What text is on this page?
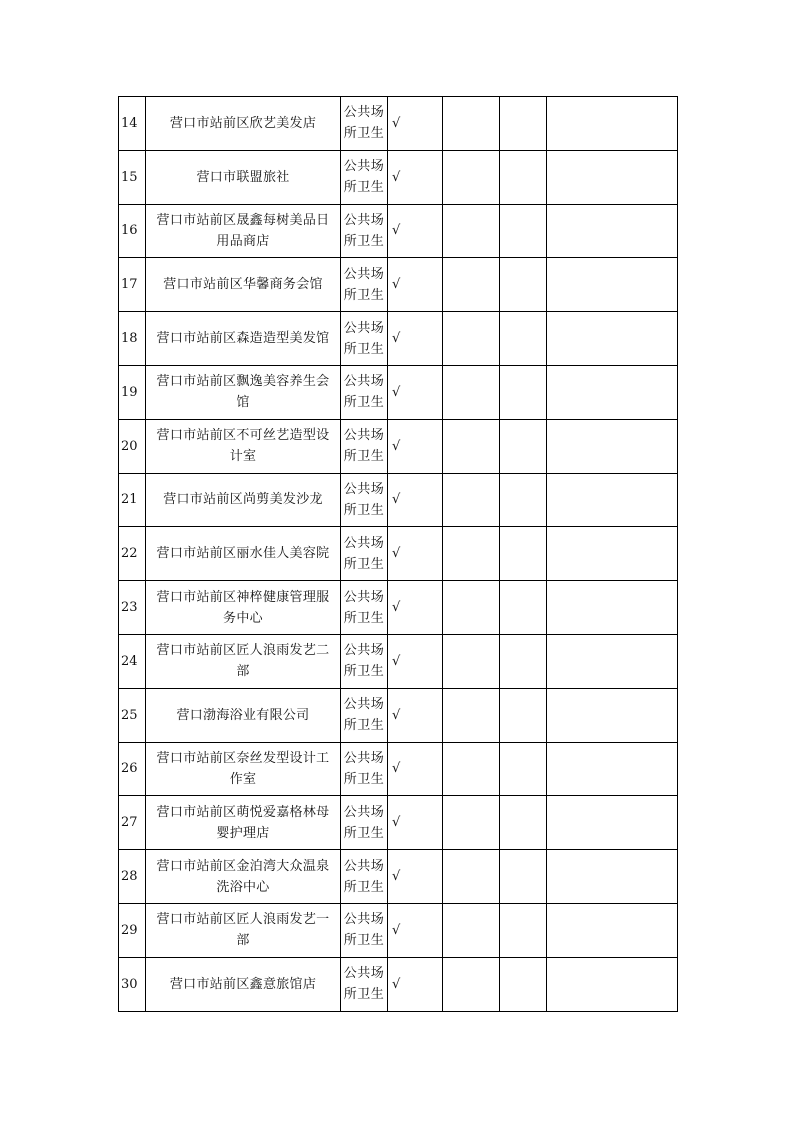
14	营口市站前区欣艺美发店	公共场
所卫生	√			
15	营口市联盟旅社	公共场
所卫生	√			
16	营口市站前区晟鑫每树美品日用品商店	公共场
所卫生	√			
17	营口市站前区华馨商务会馆	公共场
所卫生	√			
18	营口市站前区森造造型美发馆	公共场
所卫生	√			
19	营口市站前区飘逸美容养生会馆	公共场
所卫生	√			
20	营口市站前区不可丝艺造型设计室	公共场
所卫生	√			
21	营口市站前区尚剪美发沙龙	公共场
所卫生	√			
22	营口市站前区丽水佳人美容院	公共场
所卫生	√			
23	营口市站前区神椊健康管理服务中心	公共场
所卫生	√			
24	营口市站前区匠人浪雨发艺二部	公共场
所卫生	√			
25	营口渤海浴业有限公司	公共场
所卫生	√			
26	营口市站前区奈丝发型设计工作室	公共场
所卫生	√			
27	营口市站前区萌悦爱嘉格林母婴护理店	公共场
所卫生	√			
28	营口市站前区金泊湾大众温泉洗浴中心	公共场
所卫生	√			
29	营口市站前区匠人浪雨发艺一部	公共场
所卫生	√			
30	营口市站前区鑫意旅馆店	公共场
所卫生	√			
